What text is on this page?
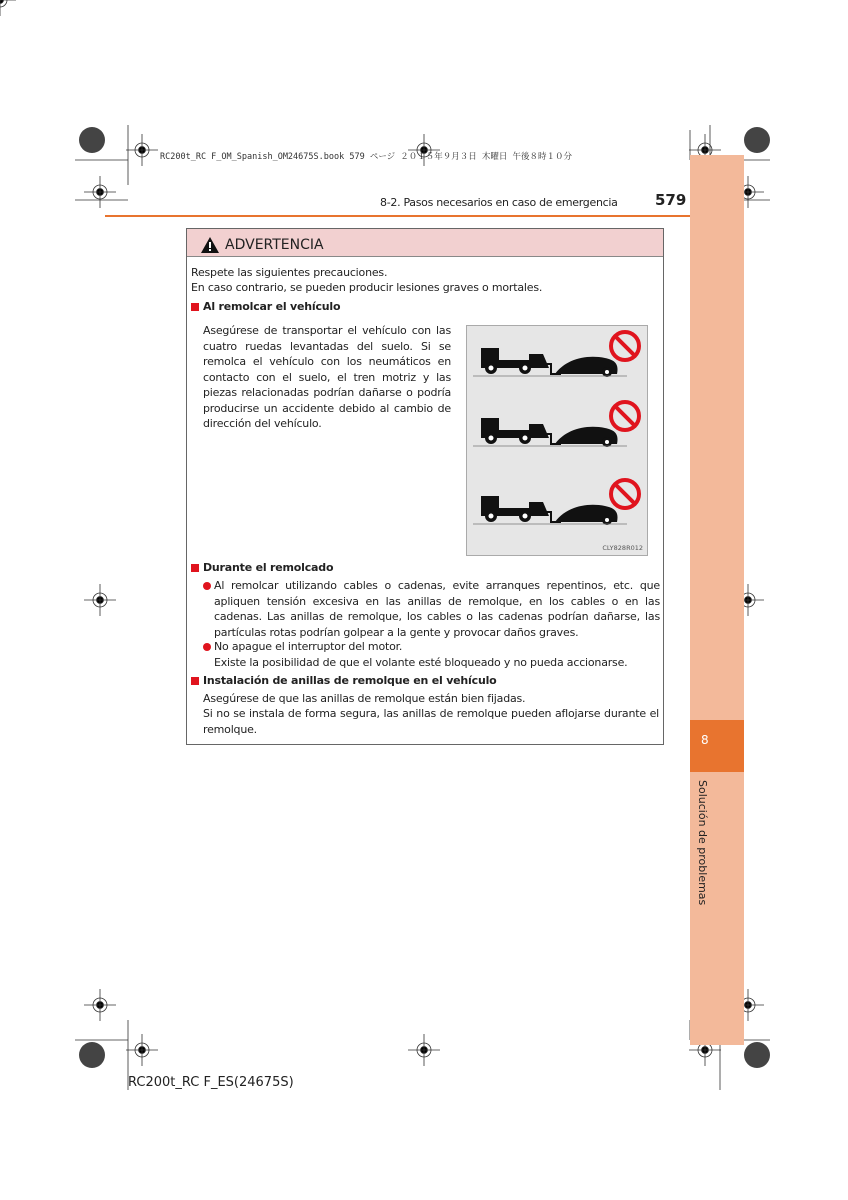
RC200t_RC F_OM_Spanish_OM24675S.book 579 ページ ２０１５年９月３日 木曜日 午後８時１０分
8-2. Pasos necesarios en caso de emergencia 579
8
Solución de problemas
ADVERTENCIA
Respete las siguientes precauciones.
En caso contrario, se pueden producir lesiones graves o mortales.
Al remolcar el vehículo
Asegúrese de transportar el vehículo con las cuatro ruedas levantadas del suelo. Si se remolca el vehículo con los neumáticos en contacto con el suelo, el tren motriz y las piezas relacionadas podrían dañarse o podría producirse un accidente debido al cambio de dirección del vehículo.
CLY828R012
Durante el remolcado
Al remolcar utilizando cables o cadenas, evite arranques repentinos, etc. que apliquen tensión excesiva en las anillas de remolque, en los cables o en las cadenas. Las anillas de remolque, los cables o las cadenas podrían dañarse, las partículas rotas podrían golpear a la gente y provocar daños graves.
No apague el interruptor del motor.
Existe la posibilidad de que el volante esté bloqueado y no pueda accionarse.
Instalación de anillas de remolque en el vehículo
Asegúrese de que las anillas de remolque están bien fijadas.
Si no se instala de forma segura, las anillas de remolque pueden aflojarse durante el remolque.
RC200t_RC F_ES(24675S)
